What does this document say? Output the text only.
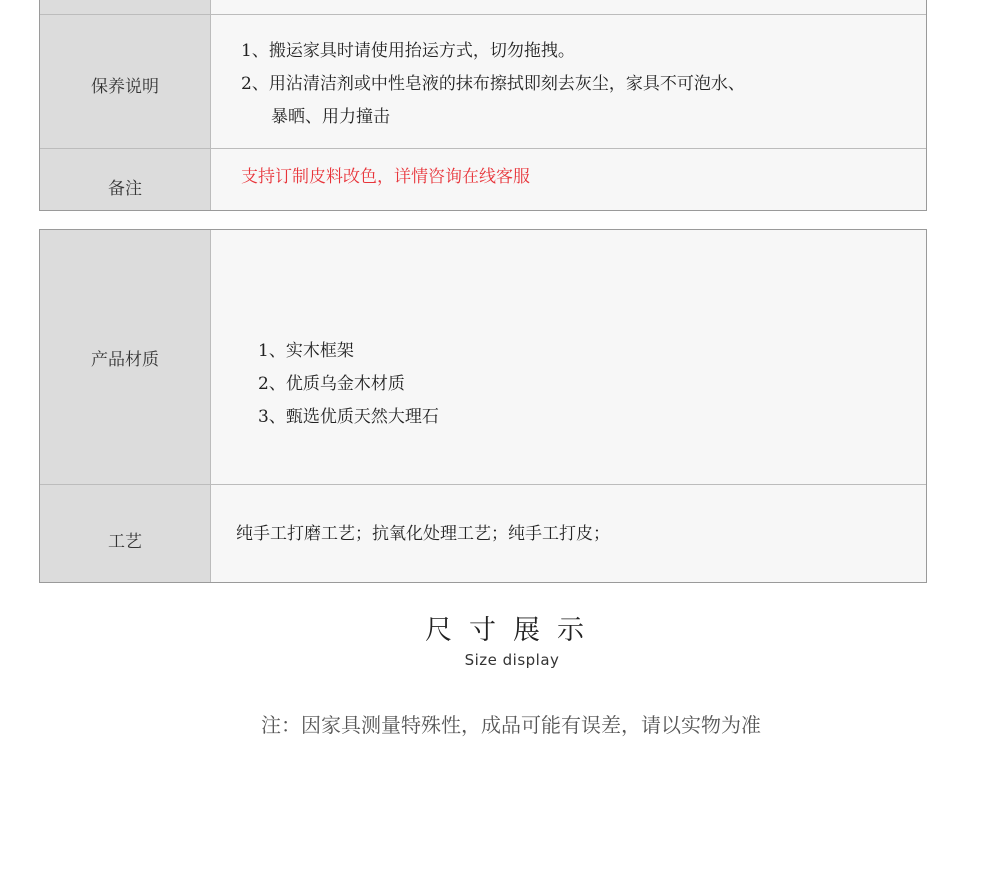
保养说明
1、搬运家具时请使用抬运方式，切勿拖拽。
2、用沾清洁剂或中性皂液的抹布擦拭即刻去灰尘，家具不可泡水、
暴晒、用力撞击
备注
支持订制皮料改色，详情咨询在线客服
产品材质	1、实木框架
2、优质乌金木材质
3、甄选优质天然大理石
工艺	纯手工打磨工艺；抗氧化处理工艺；纯手工打皮；
尺寸展示
Size display
注：因家具测量特殊性，成品可能有误差，请以实物为准
